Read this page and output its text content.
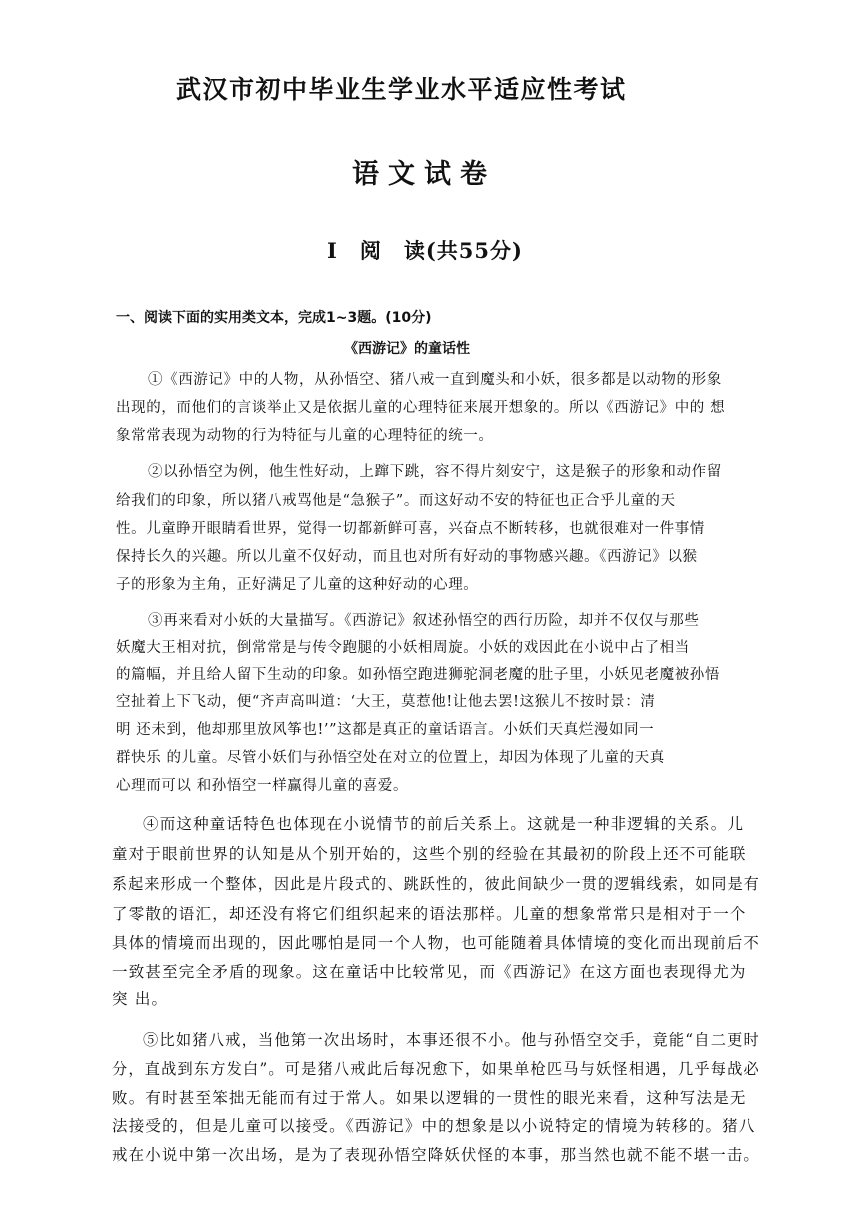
武汉市初中毕业生学业水平适应性考试
语文试卷
Ⅰ　阅　读(共55分)
一、阅读下面的实用类文本，完成1~3题。(10分)
《西游记》的童话性
①《西游记》中的人物，从孙悟空、猪八戒一直到魔头和小妖，很多都是以动物的形象
出现的，而他们的言谈举止又是依据儿童的心理特征来展开想象的。所以《西游记》中的 想
象常常表现为动物的行为特征与儿童的心理特征的统一。
②以孙悟空为例，他生性好动，上蹿下跳，容不得片刻安宁，这是猴子的形象和动作留
给我们的印象，所以猪八戒骂他是“急猴子”。而这好动不安的特征也正合乎儿童的天
性。儿童睁开眼睛看世界，觉得一切都新鲜可喜，兴奋点不断转移，也就很难对一件事情
保持长久的兴趣。所以儿童不仅好动，而且也对所有好动的事物感兴趣。《西游记》以猴
子的形象为主角，正好满足了儿童的这种好动的心理。
③再来看对小妖的大量描写。《西游记》叙述孙悟空的西行历险，却并不仅仅与那些
妖魔大王相对抗，倒常常是与传令跑腿的小妖相周旋。小妖的戏因此在小说中占了相当
的篇幅，并且给人留下生动的印象。如孙悟空跑进狮驼洞老魔的肚子里，小妖见老魔被孙悟
空扯着上下飞动，便“齐声高叫道：‘大王，莫惹他!让他去罢!这猴儿不按时景：清
明 还未到，他却那里放风筝也!’”这都是真正的童话语言。小妖们天真烂漫如同一
群快乐 的儿童。尽管小妖们与孙悟空处在对立的位置上，却因为体现了儿童的天真
心理而可以 和孙悟空一样赢得儿童的喜爱。
④而这种童话特色也体现在小说情节的前后关系上。这就是一种非逻辑的关系。儿
童对于眼前世界的认知是从个别开始的，这些个别的经验在其最初的阶段上还不可能联
系起来形成一个整体，因此是片段式的、跳跃性的，彼此间缺少一贯的逻辑线索，如同是有
了零散的语汇，却还没有将它们组织起来的语法那样。儿童的想象常常只是相对于一个
具体的情境而出现的，因此哪怕是同一个人物，也可能随着具体情境的变化而出现前后不
一致甚至完全矛盾的现象。这在童话中比较常见，而《西游记》在这方面也表现得尤为
突 出。
⑤比如猪八戒，当他第一次出场时，本事还很不小。他与孙悟空交手，竟能“自二更时
分，直战到东方发白”。可是猪八戒此后每况愈下，如果单枪匹马与妖怪相遇，几乎每战必
败。有时甚至笨拙无能而有过于常人。如果以逻辑的一贯性的眼光来看，这种写法是无
法接受的，但是儿童可以接受。《西游记》中的想象是以小说特定的情境为转移的。猪八
戒在小说中第一次出场，是为了表现孙悟空降妖伏怪的本事，那当然也就不能不堪一击。
